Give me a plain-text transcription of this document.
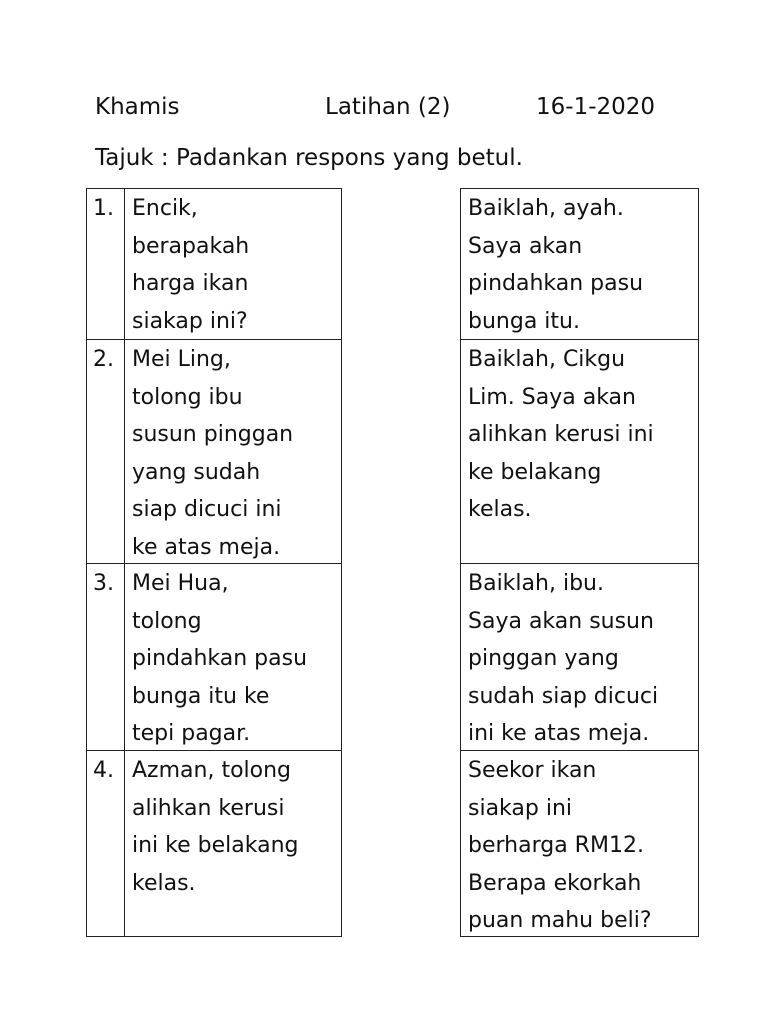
Khamis	Latihan (2)	16-1-2020
Tajuk : Padankan respons yang betul.
1. Encik,
berapakah
harga ikan
siakap ini?
2. Mei Ling,
tolong ibu
susun pinggan
yang sudah
siap dicuci ini
ke atas meja.
3. Mei Hua,
tolong
pindahkan pasu
bunga itu ke
tepi pagar.
4. Azman, tolong
alihkan kerusi
ini ke belakang
kelas.
Baiklah, ayah.
Saya akan
pindahkan pasu
bunga itu.
Baiklah, Cikgu
Lim. Saya akan
alihkan kerusi ini
ke belakang
kelas.
Baiklah, ibu.
Saya akan susun
pinggan yang
sudah siap dicuci
ini ke atas meja.
Seekor ikan
siakap ini
berharga RM12.
Berapa ekorkah
puan mahu beli?
